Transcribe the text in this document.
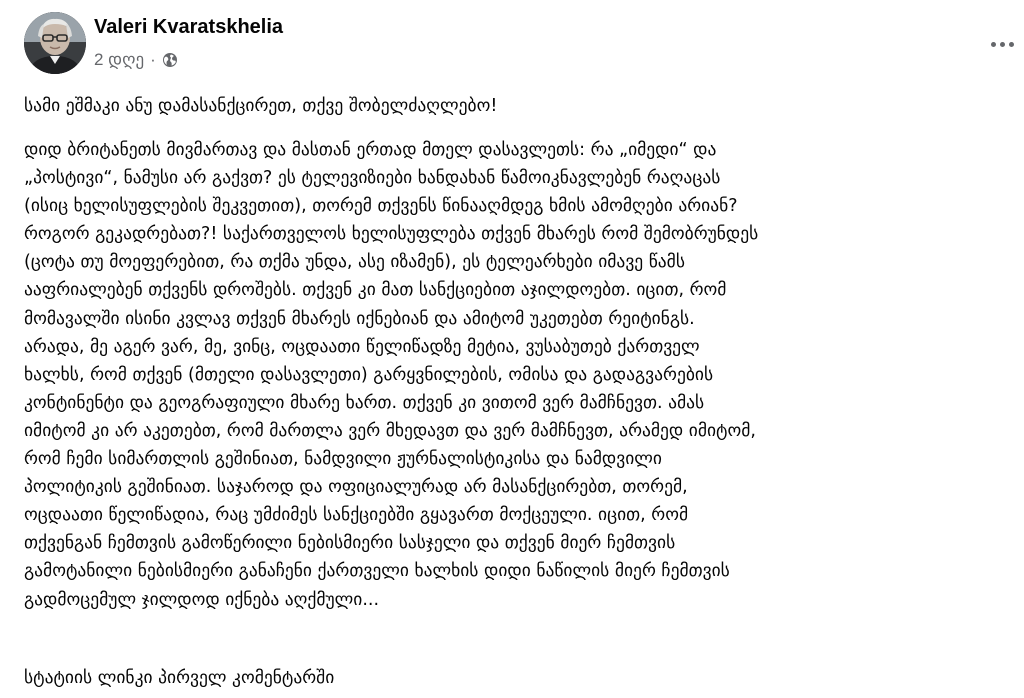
Valeri Kvaratskhelia
2 დღე ·

სამი ეშმაკი ანუ დამასანქცირეთ, თქვე შობელძაღლებო!

დიდ ბრიტანეთს მივმართავ და მასთან ერთად მთელ დასავლეთს: რა „იმედი“ და
„პოსტივი“, ნამუსი არ გაქვთ? ეს ტელევიზიები ხანდახან წამოიკნავლებენ რაღაცას
(ისიც ხელისუფლების შეკვეთით), თორემ თქვენს წინააღმდეგ ხმის ამომღები არიან?
როგორ გეკადრებათ?! საქართველოს ხელისუფლება თქვენ მხარეს რომ შემობრუნდეს
(ცოტა თუ მოეფერებით, რა თქმა უნდა, ასე იზამენ), ეს ტელეარხები იმავე წამს
ააფრიალებენ თქვენს დროშებს. თქვენ კი მათ სანქციებით აჯილდოებთ. იცით, რომ
მომავალში ისინი კვლავ თქვენ მხარეს იქნებიან და ამიტომ უკეთებთ რეიტინგს.
არადა, მე აგერ ვარ, მე, ვინც, ოცდაათი წელიწადზე მეტია, ვუსაბუთებ ქართველ
ხალხს, რომ თქვენ (მთელი დასავლეთი) გარყვნილების, ომისა და გადაგვარების
კონტინენტი და გეოგრაფიული მხარე ხართ. თქვენ კი ვითომ ვერ მამჩნევთ. ამას
იმიტომ კი არ აკეთებთ, რომ მართლა ვერ მხედავთ და ვერ მამჩნევთ, არამედ იმიტომ,
რომ ჩემი სიმართლის გეშინიათ, ნამდვილი ჟურნალისტიკისა და ნამდვილი
პოლიტიკის გეშინიათ. საჯაროდ და ოფიციალურად არ მასანქცირებთ, თორემ,
ოცდაათი წელიწადია, რაც უმძიმეს სანქციებში გყავართ მოქცეული. იცით, რომ
თქვენგან ჩემთვის გამოწერილი ნებისმიერი სასჯელი და თქვენ მიერ ჩემთვის
გამოტანილი ნებისმიერი განაჩენი ქართველი ხალხის დიდი ნაწილის მიერ ჩემთვის
გადმოცემულ ჯილდოდ იქნება აღქმული...

სტატიის ლინკი პირველ კომენტარში
